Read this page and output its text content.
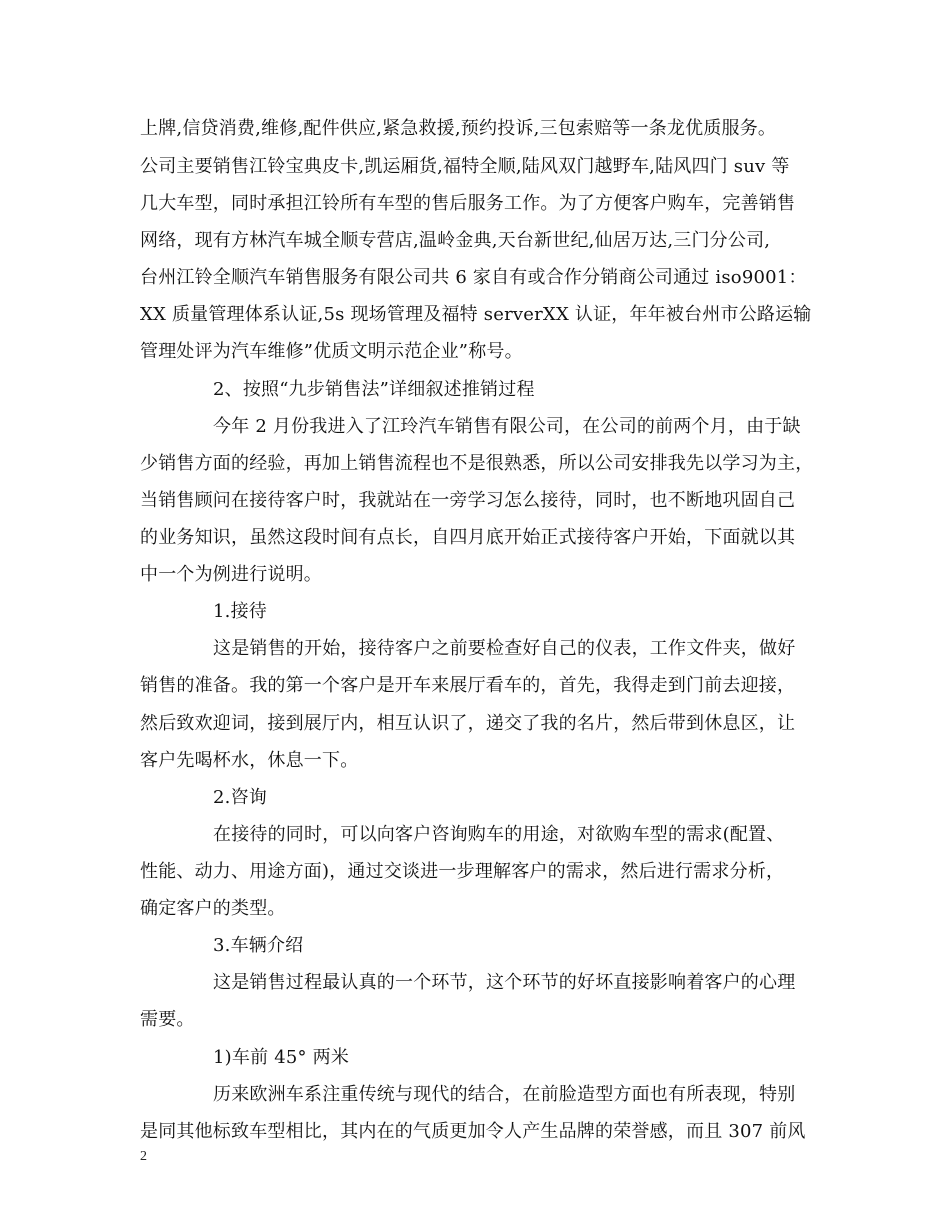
上牌,信贷消费,维修,配件供应,紧急救援,预约投诉,三包索赔等一条龙优质服务。
公司主要销售江铃宝典皮卡,凯运厢货,福特全顺,陆风双门越野车,陆风四门 suv 等
几大车型，同时承担江铃所有车型的售后服务工作。为了方便客户购车，完善销售
网络，现有方林汽车城全顺专营店,温岭金典,天台新世纪,仙居万达,三门分公司,
台州江铃全顺汽车销售服务有限公司共 6 家自有或合作分销商公司通过 iso9001：
XX 质量管理体系认证,5s 现场管理及福特 serverXX 认证，年年被台州市公路运输
管理处评为汽车维修”优质文明示范企业”称号。
2、按照“九步销售法”详细叙述推销过程
今年 2 月份我进入了江玲汽车销售有限公司，在公司的前两个月，由于缺
少销售方面的经验，再加上销售流程也不是很熟悉，所以公司安排我先以学习为主，
当销售顾问在接待客户时，我就站在一旁学习怎么接待，同时，也不断地巩固自己
的业务知识，虽然这段时间有点长，自四月底开始正式接待客户开始，下面就以其
中一个为例进行说明。
1.接待
这是销售的开始，接待客户之前要检查好自己的仪表，工作文件夹，做好
销售的准备。我的第一个客户是开车来展厅看车的，首先，我得走到门前去迎接，
然后致欢迎词，接到展厅内，相互认识了，递交了我的名片，然后带到休息区，让
客户先喝杯水，休息一下。
2.咨询
在接待的同时，可以向客户咨询购车的用途，对欲购车型的需求(配置、
性能、动力、用途方面)，通过交谈进一步理解客户的需求，然后进行需求分析，
确定客户的类型。
3.车辆介绍
这是销售过程最认真的一个环节，这个环节的好坏直接影响着客户的心理
需要。
1)车前 45° 两米
历来欧洲车系注重传统与现代的结合，在前脸造型方面也有所表现，特别
是同其他标致车型相比，其内在的气质更加令人产生品牌的荣誉感，而且 307 前风
2
